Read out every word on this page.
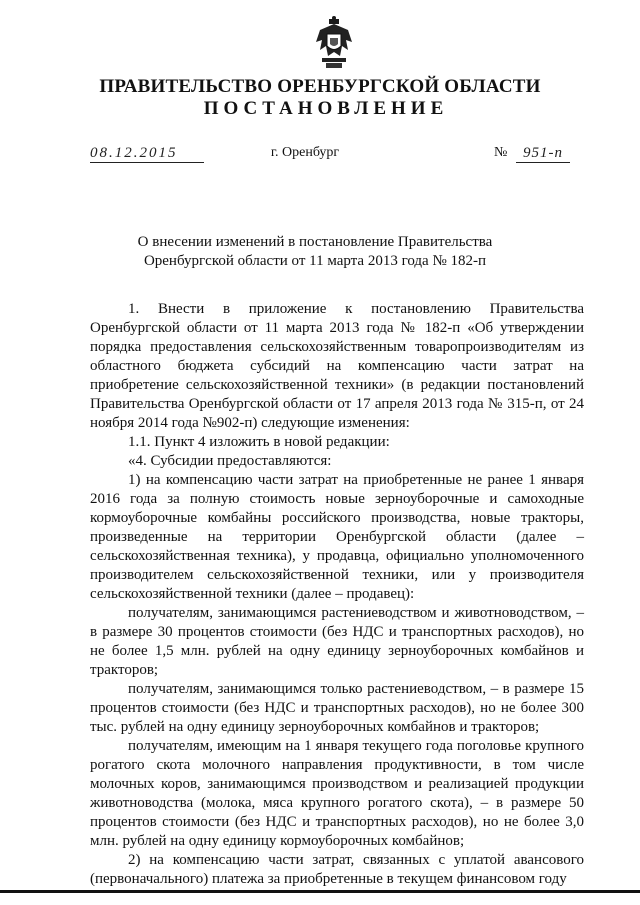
ПРАВИТЕЛЬСТВО ОРЕНБУРГСКОЙ ОБЛАСТИ
ПОСТАНОВЛЕНИЕ
08.12.2015	г. Оренбург	№	951-п
О внесении изменений в постановление Правительства
Оренбургской области от 11 марта 2013 года № 182-п

1. Внести в приложение к постановлению Правительства Оренбургской области от 11 марта 2013 года № 182-п «Об утверждении порядка предоставления сельскохозяйственным товаропроизводителям из областного бюджета субсидий на компенсацию части затрат на приобретение сельскохозяйственной техники» (в редакции постановлений Правительства Оренбургской области от 17 апреля 2013 года № 315-п, от 24 ноября 2014 года №902-п) следующие изменения:

1.1. Пункт 4 изложить в новой редакции:

«4. Субсидии предоставляются:

1) на компенсацию части затрат на приобретенные не ранее 1 января 2016 года за полную стоимость новые зерноуборочные и самоходные кормоуборочные комбайны российского производства, новые тракторы, произведенные на территории Оренбургской области (далее – сельскохозяйственная техника), у продавца, официально уполномоченного производителем сельскохозяйственной техники, или у производителя сельскохозяйственной техники (далее – продавец):

получателям, занимающимся растениеводством и животноводством, – в размере 30 процентов стоимости (без НДС и транспортных расходов), но не более 1,5 млн. рублей на одну единицу зерноуборочных комбайнов и тракторов;

получателям, занимающимся только растениеводством, – в размере 15 процентов стоимости (без НДС и транспортных расходов), но не более 300 тыс. рублей на одну единицу зерноуборочных комбайнов и тракторов;

получателям, имеющим на 1 января текущего года поголовье крупного рогатого скота молочного направления продуктивности, в том числе молочных коров, занимающимся производством и реализацией продукции животноводства (молока, мяса крупного рогатого скота), – в размере 50 процентов стоимости (без НДС и транспортных расходов), но не более 3,0 млн. рублей на одну единицу кормоуборочных комбайнов;

2) на компенсацию части затрат, связанных с уплатой авансового (первоначального) платежа за приобретенные в текущем финансовом году
